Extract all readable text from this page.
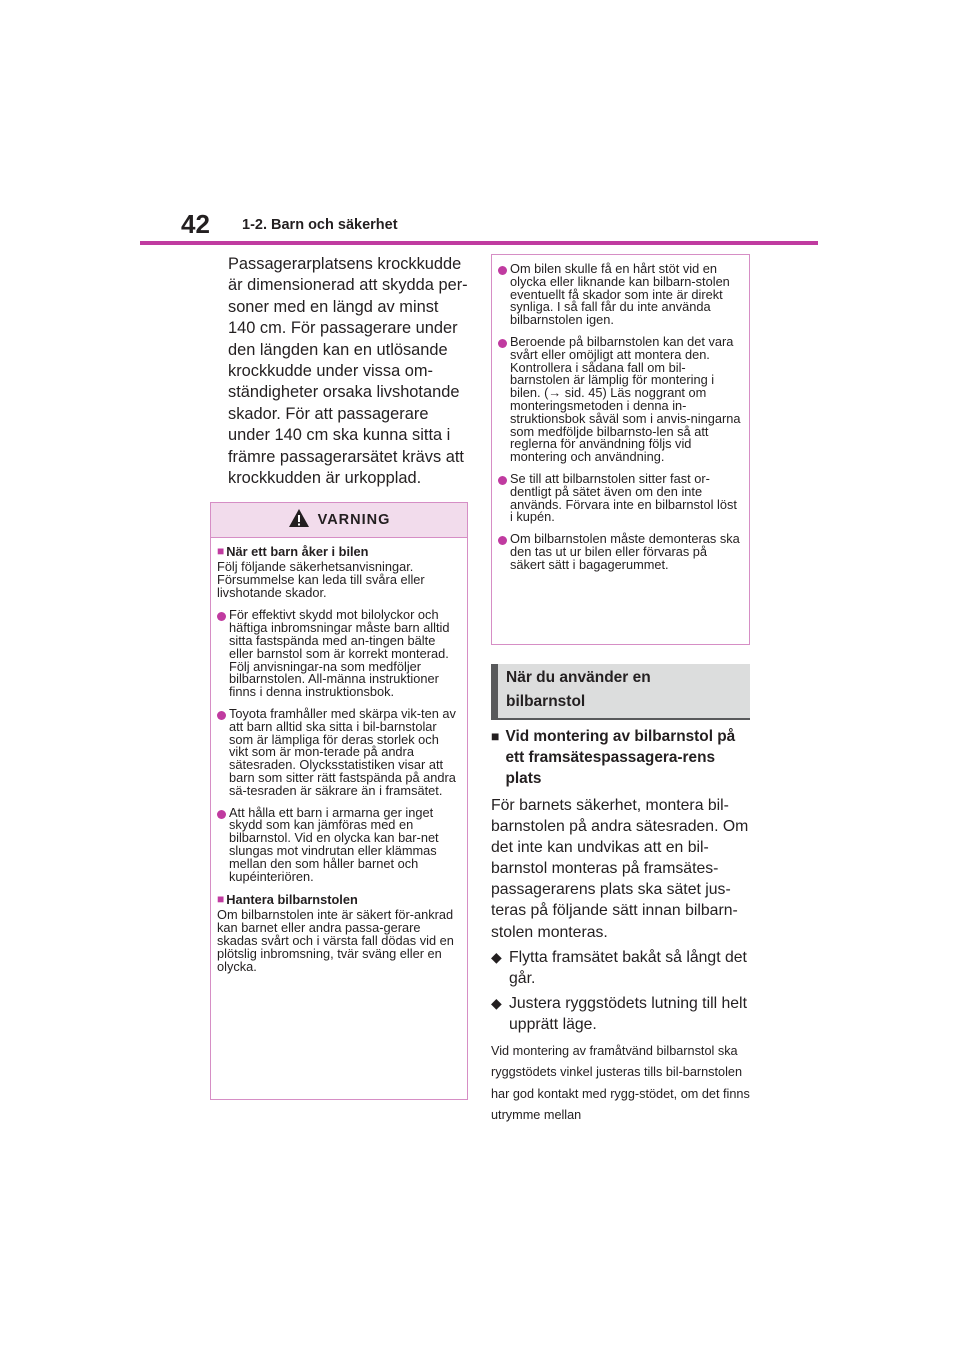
42 1-2. Barn och säkerhet

Passagerarplatsens krockkudde

är dimensionerad att skydda per-

soner med en längd av minst

140 cm. För passagerare under

den längden kan en utlösande

krockkudde under vissa om-

ständigheter orsaka livshotande

skador. För att passagerare

under 140 cm ska kunna sitta i

främre passagerarsätet krävs att

krockkudden är urkopplad.

VARNING
■ När ett barn åker i bilen

Följ följande säkerhetsanvisningar. Försummelse kan leda till svåra eller livshotande skador.

För effektivt skydd mot bilolyckor och häftiga inbromsningar måste barn alltid sitta fastspända med an-tingen bälte eller barnstol som är korrekt monterad. Följ anvisningar-na som medföljer bilbarnstolen. All-männa instruktioner finns i denna instruktionsbok.
Toyota framhåller med skärpa vik-ten av att barn alltid ska sitta i bil-barnstolar som är lämpliga för deras storlek och vikt som är mon-terade på andra sätesraden. Olycksstatistiken visar att barn som sitter rätt fastspända på andra sä-tesraden är säkrare än i framsätet.
Att hålla ett barn i armarna ger inget skydd som kan jämföras med en bilbarnstol. Vid en olycka kan bar-net slungas mot vindrutan eller klämmas mellan den som håller barnet och kupéinteriören.
■ Hantera bilbarnstolen

Om bilbarnstolen inte är säkert för-ankrad kan barnet eller andra passa-gerare skadas svårt och i värsta fall dödas vid en plötslig inbromsning, tvär sväng eller en olycka.

Om bilen skulle få en hårt stöt vid en olycka eller liknande kan bilbarn-stolen eventuellt få skador som inte är direkt synliga. I så fall får du inte använda bilbarnstolen igen.
Beroende på bilbarnstolen kan det vara svårt eller omöjligt att montera den. Kontrollera i sådana fall om bil-barnstolen är lämplig för montering i bilen. (→ sid. 45) Läs noggrant om monteringsmetoden i denna in-struktionsbok såväl som i anvis-ningarna som medföljde bilbarnsto-len så att reglerna för användning följs vid montering och användning.
Se till att bilbarnstolen sitter fast or-dentligt på sätet även om den inte används. Förvara inte en bilbarnstol löst i kupén.
Om bilbarnstolen måste demonteras ska den tas ut ur bilen eller förvaras på säkert sätt i bagagerummet.
När du använder en
bilbarnstol
■ Vid montering av bilbarnstol på ett framsätespassagera-rens plats

För barnets säkerhet, montera bil-barnstolen på andra sätesraden. Om det inte kan undvikas att en bil-barnstol monteras på framsätes-passagerarens plats ska sätet jus-teras på följande sätt innan bilbarn-stolen monteras.

◆ Flytta framsätet bakåt så långt det går.
◆ Justera ryggstödets lutning till helt upprätt läge.

Vid montering av framåtvänd bilbarnstol ska ryggstödets vinkel justeras tills bil-barnstolen har god kontakt med rygg-stödet, om det finns utrymme mellan
